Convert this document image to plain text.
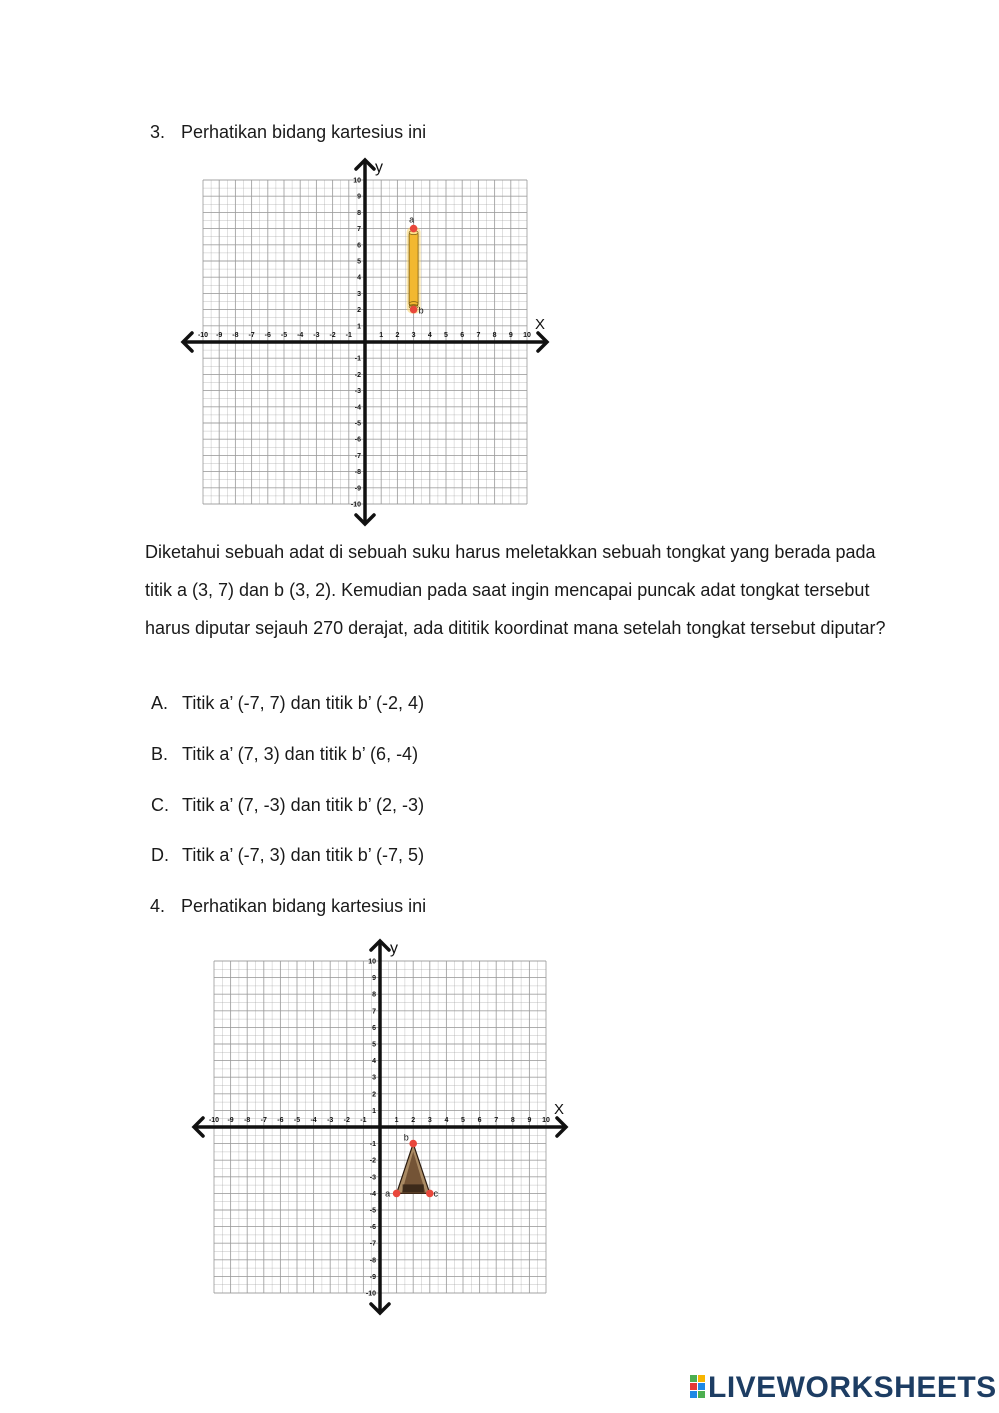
3. Perhatikan bidang kartesius ini
-10
-10
-9
-9
-8
-8
-7
-7
-6
-6
-5
-5
-4
-4
-3
-3
-2
-2
-1
-1
1
1
2
2
3
3
4
4
5
5
6
6
7
7
8
8
9
9
10
10
X
y
a
b
Diketahui sebuah adat di sebuah suku harus meletakkan sebuah tongkat yang berada pada titik a (3, 7) dan b (3, 2). Kemudian pada saat ingin mencapai puncak adat tongkat tersebut harus diputar sejauh 270 derajat, ada dititik koordinat mana setelah tongkat tersebut diputar?
A. Titik a’ (-7, 7) dan titik b’ (-2, 4)
B. Titik a’ (7, 3) dan titik b’ (6, -4)
C. Titik a’ (7, -3) dan titik b’ (2, -3)
D. Titik a’ (-7, 3) dan titik b’ (-7, 5)
4. Perhatikan bidang kartesius ini
-10
-10
-9
-9
-8
-8
-7
-7
-6
-6
-5
-5
-4
-4
-3
-3
-2
-2
-1
-1
1
1
2
2
3
3
4
4
5
5
6
6
7
7
8
8
9
9
10
10
X
y
a
b
c
LIVEWORKSHEETS
